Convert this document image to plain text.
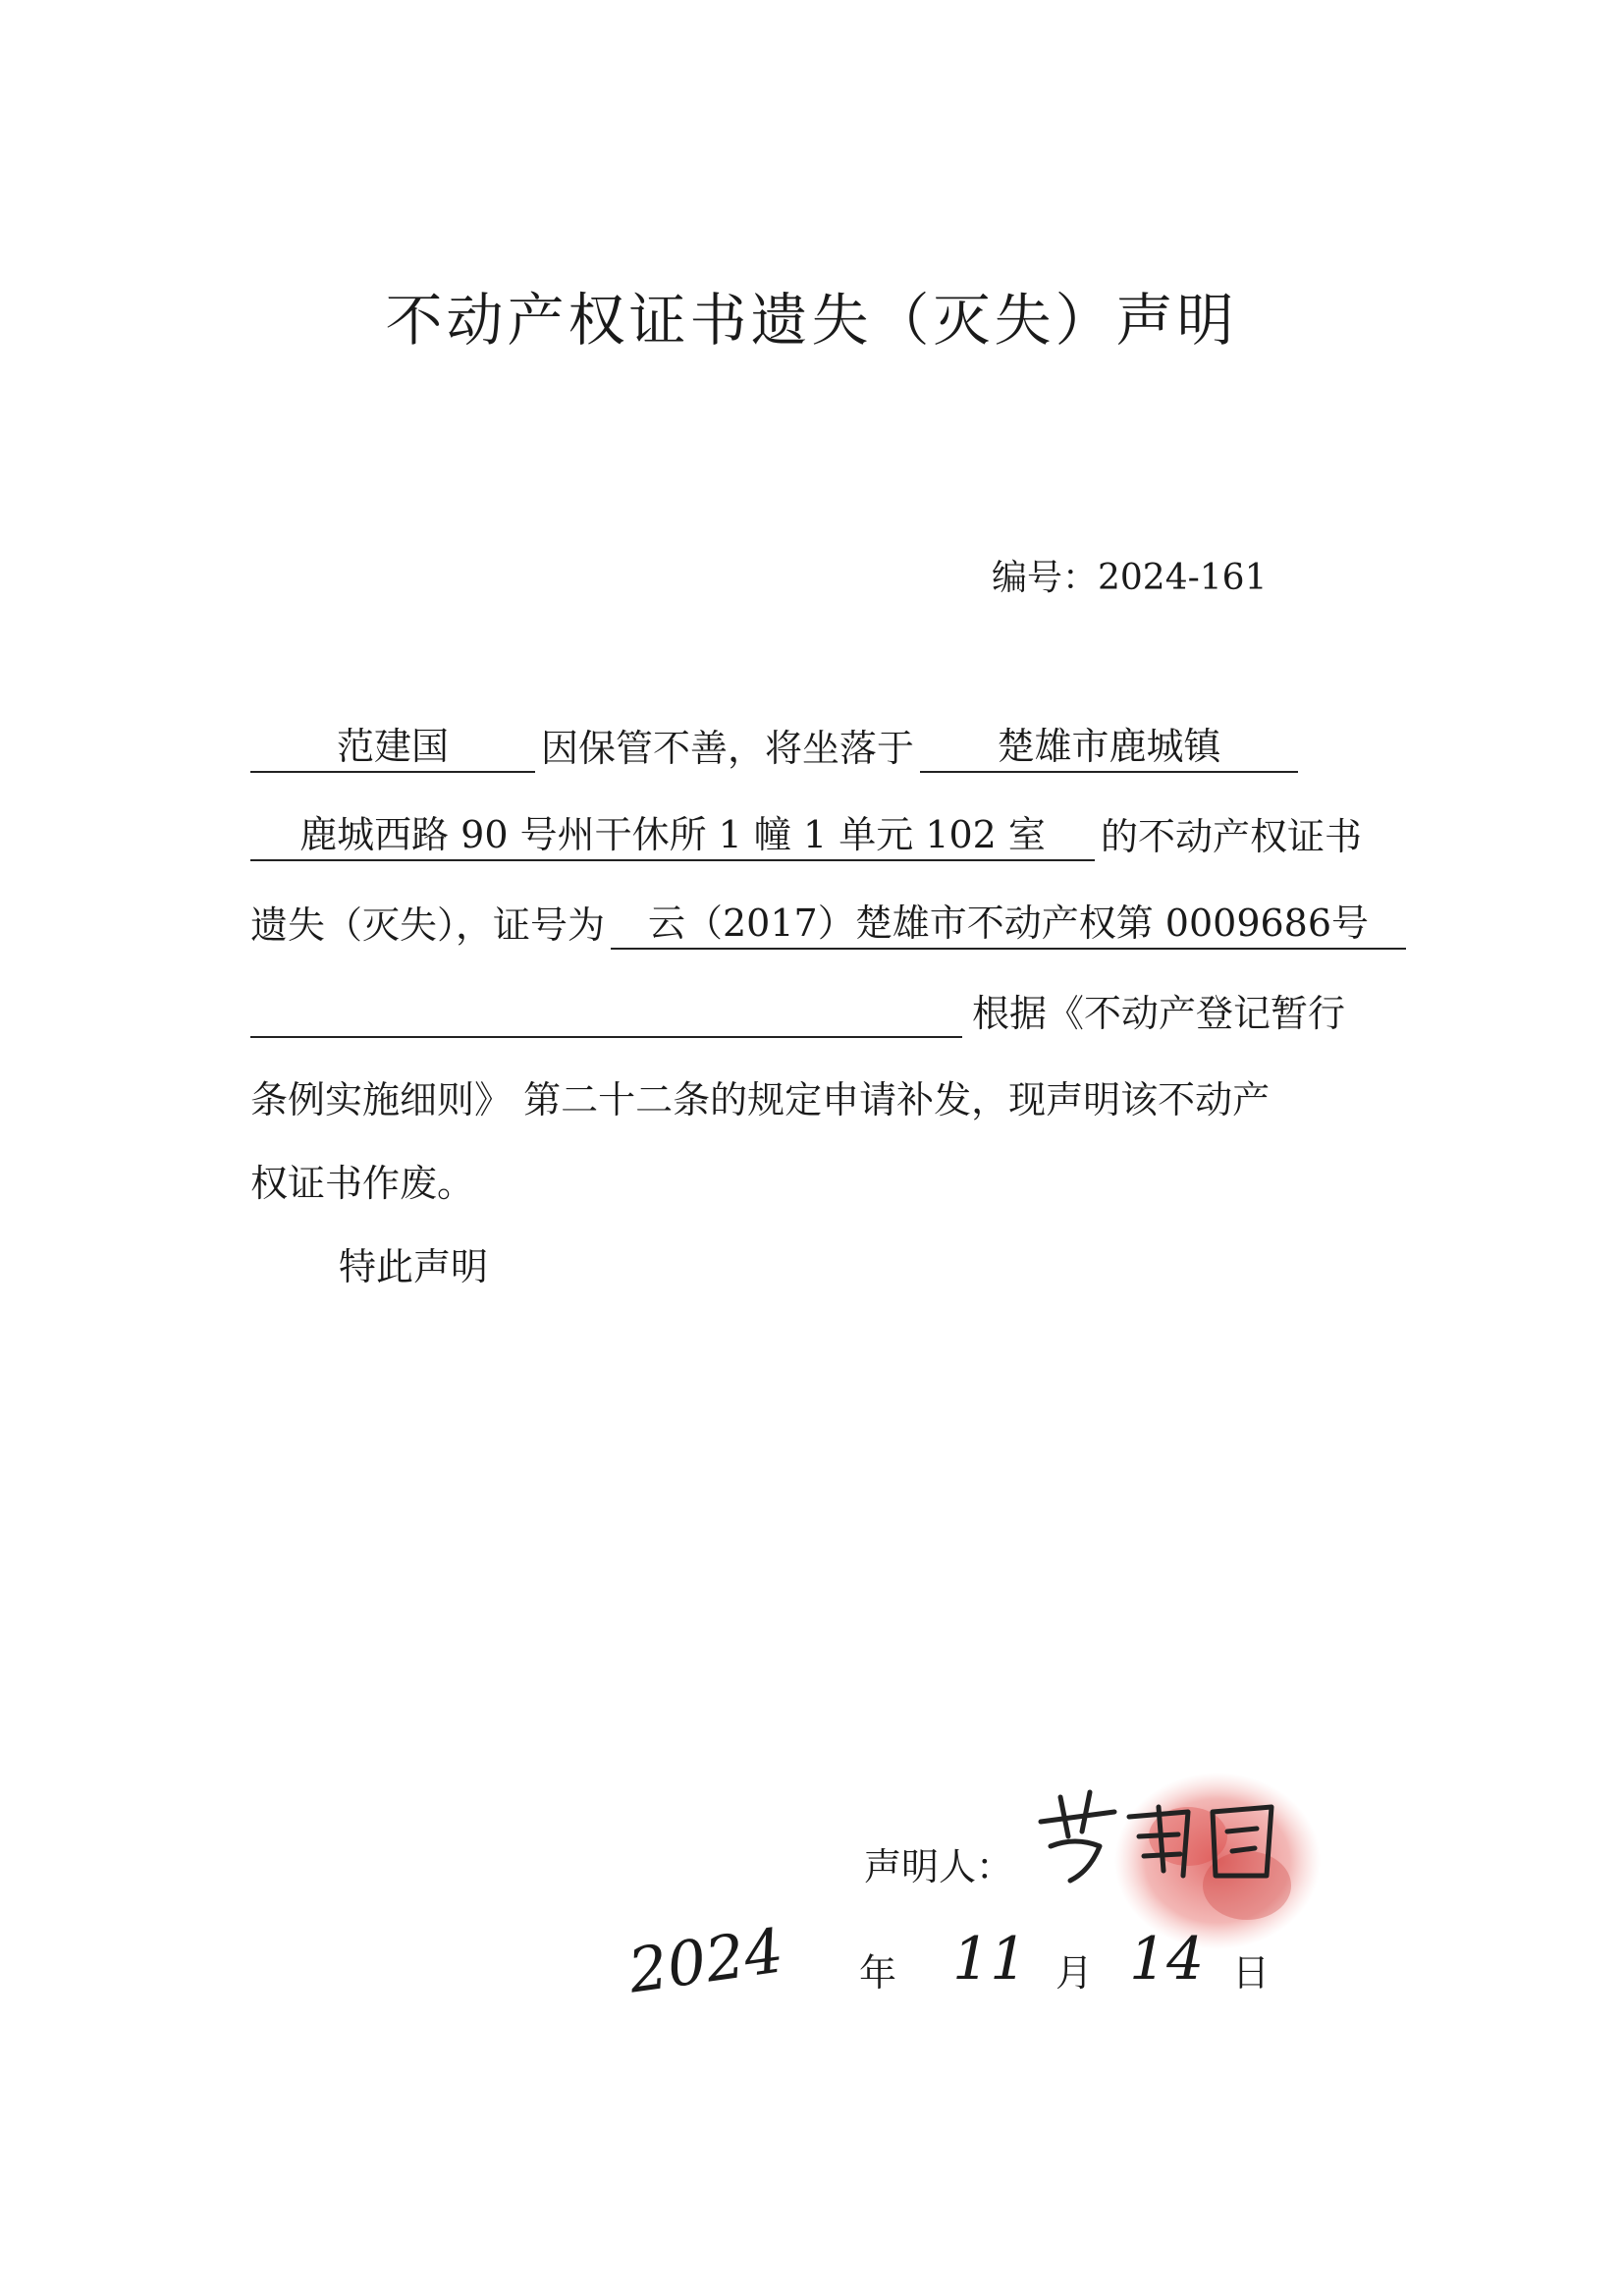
不动产权证书遗失（灭失）声明
编号：2024-161
范建国 因保管不善，将坐落于 楚雄市鹿城镇
鹿城西路 90 号州干休所 1 幢 1 单元 102 室 的不动产权证书
遗失（灭失），证号为 云（2017）楚雄市不动产权第 0009686号
根据《不动产登记暂行
条例实施细则》 第二十二条的规定申请补发，现声明该不动产
权证书作废。
特此声明
声明人：
2024 年 11 月 14 日
